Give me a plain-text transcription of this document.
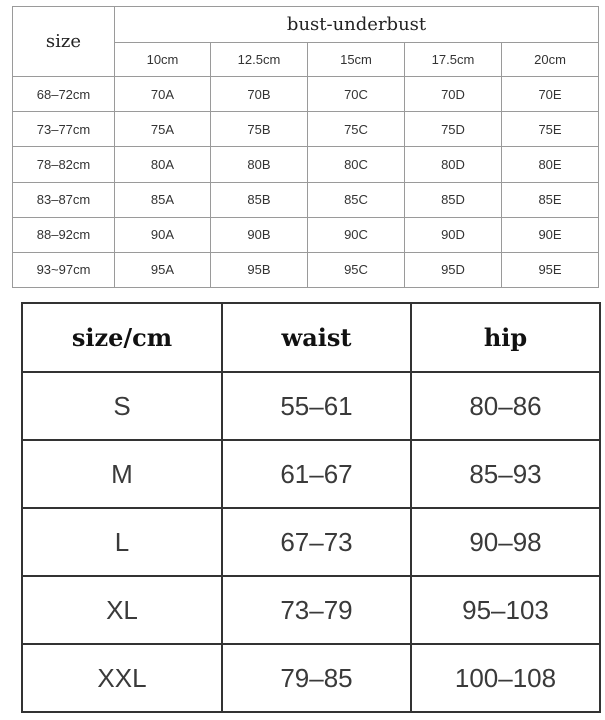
size	bust-underbust				
	10cm	12.5cm	15cm	17.5cm	20cm
68–72cm	70A	70B	70C	70D	70E
73–77cm	75A	75B	75C	75D	75E
78–82cm	80A	80B	80C	80D	80E
83–87cm	85A	85B	85C	85D	85E
88–92cm	90A	90B	90C	90D	90E
93~97cm	95A	95B	95C	95D	95E
size/cm	waist	hip	
S	55–61	80–86	
M	61–67	85–93	
L	67–73	90–98	
XL	73–79	95–103	
XXL	79–85	100–108	
